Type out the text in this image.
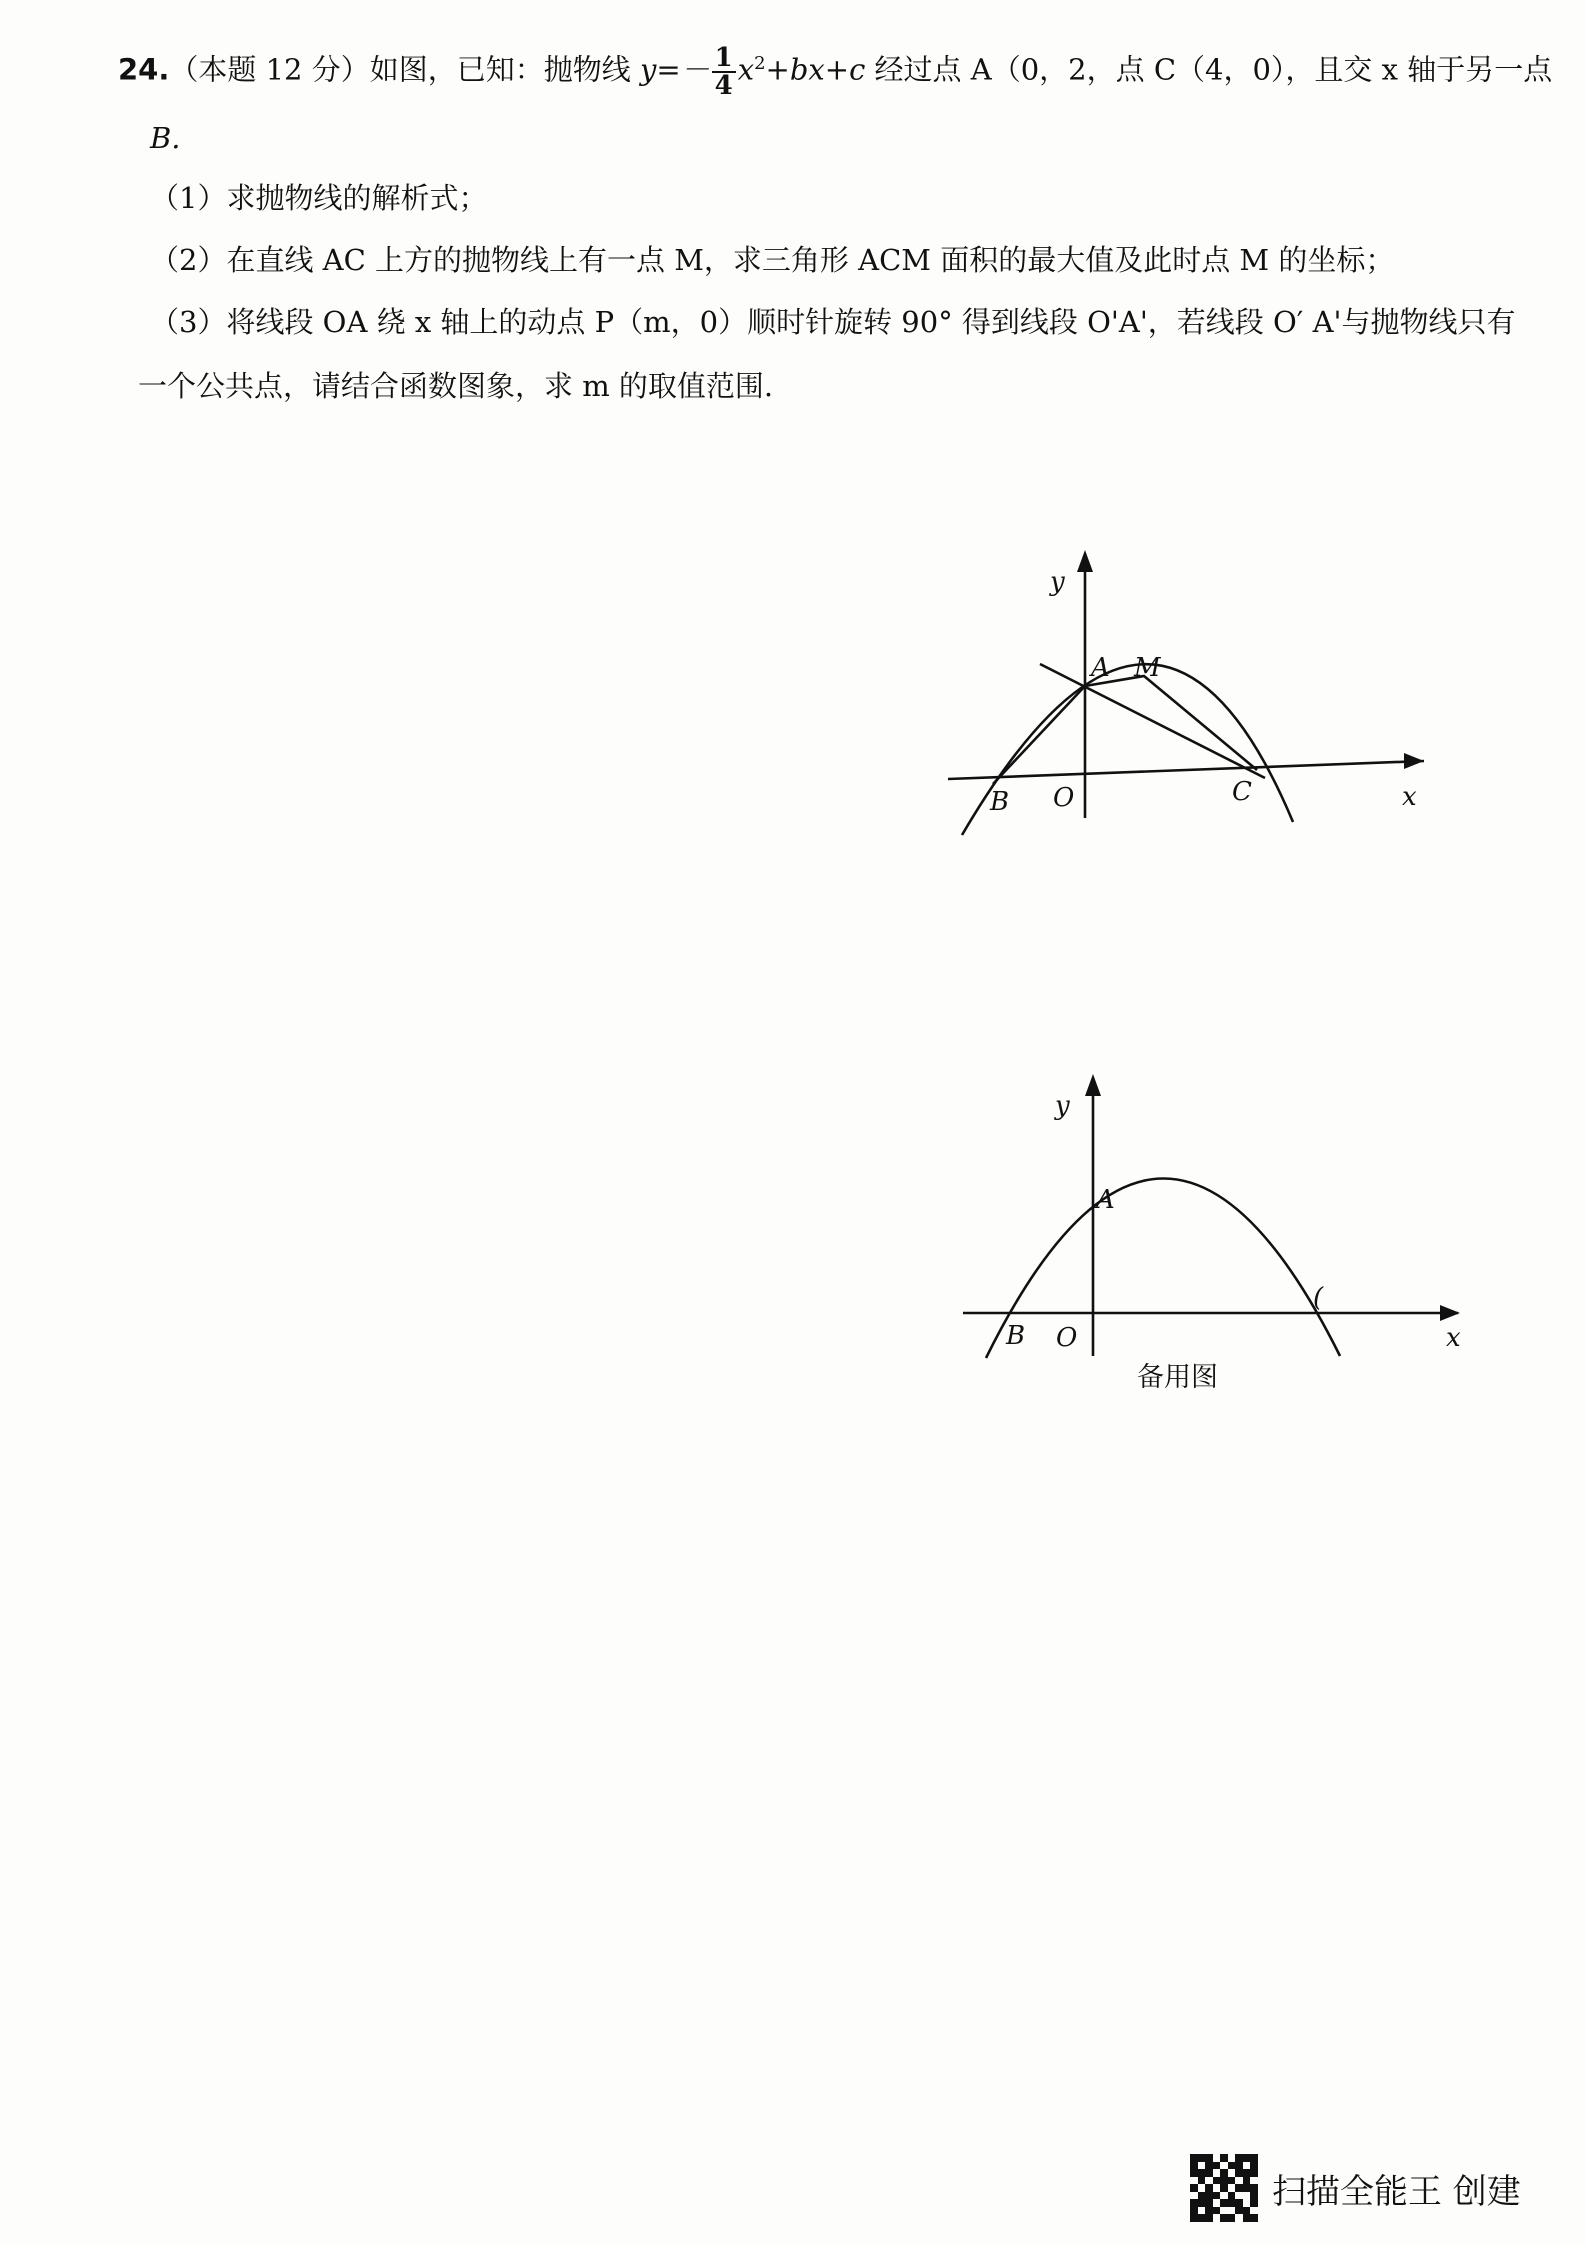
24.（本题 12 分）如图，已知：抛物线 $y=- \frac{1}{4} x^2+bx+c$ 经过点 A（0，2，点 C（4，0），且交 x 轴于另一点
B.
（1）求抛物线的解析式；
（2）在直线 AC 上方的抛物线上有一点 M，求三角形 ACM 面积的最大值及此时点 M 的坐标；
（3）将线段 OA 绕 x 轴上的动点 P（m，0）顺时针旋转 90° 得到线段 O'A'，若线段 O′ A'与抛物线只有
一个公共点，请结合函数图象，求 m 的取值范围.
y
A M
B O	C	x
y
A
B O
(
x
备用图
扫描全能王 创建
